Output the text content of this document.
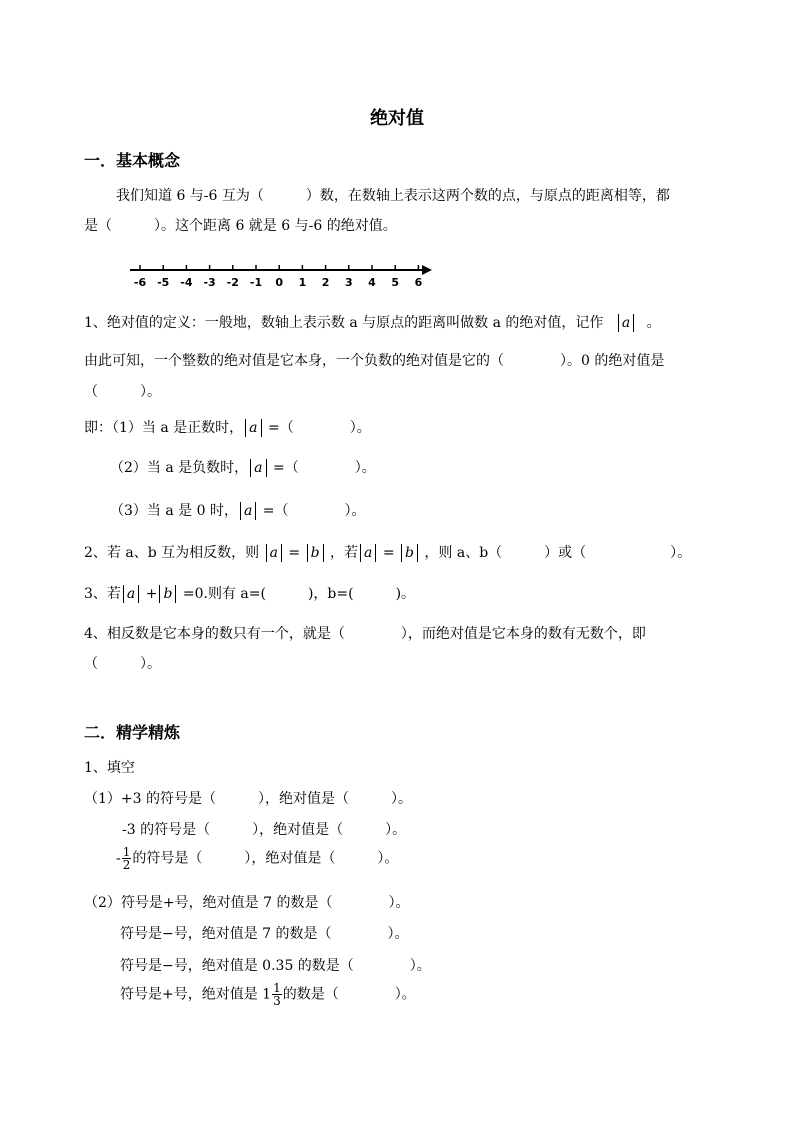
绝对值
一．基本概念
我们知道 6 与-6 互为（　　　）数，在数轴上表示这两个数的点，与原点的距离相等，都
是（　　　）。这个距离 6 就是 6 与-6 的绝对值。
-6 -5 -4 -3 -2 -1 0 1 2 3 4 5 6
1、绝对值的定义：一般地，数轴上表示数 a 与原点的距离叫做数 a 的绝对值，记作 a 。
由此可知，一个整数的绝对值是它本身，一个负数的绝对值是它的（　　　　）。0 的绝对值是
（　　　）。
即：（1）当 a 是正数时， a =（　　　　）。
（2）当 a 是负数时， a =（　　　　）。
（3）当 a 是 0 时， a =（　　　　）。
2、若 a、b 互为相反数，则 a = b ，若 a = b ，则 a、b（　　　）或（　　　　　　）。
3、若 a + b =0.则有 a=(　　　)，b=(　　　)。
4、相反数是它本身的数只有一个，就是（　　　　），而绝对值是它本身的数有无数个，即
（　　　）。
二．精学精炼
1、填空
（1）+3 的符号是（　　　），绝对值是（　　　）。
-3 的符号是（　　　），绝对值是（　　　）。
- $\frac{1}{2}$ 的符号是（　　　），绝对值是（　　　）。
（2）符号是+号，绝对值是 7 的数是（　　　　）。
符号是−号，绝对值是 7 的数是（　　　　）。
符号是−号，绝对值是 0.35 的数是（　　　　）。
符号是+号，绝对值是 $1 \frac{1}{3}$ 的数是（　　　　）。
